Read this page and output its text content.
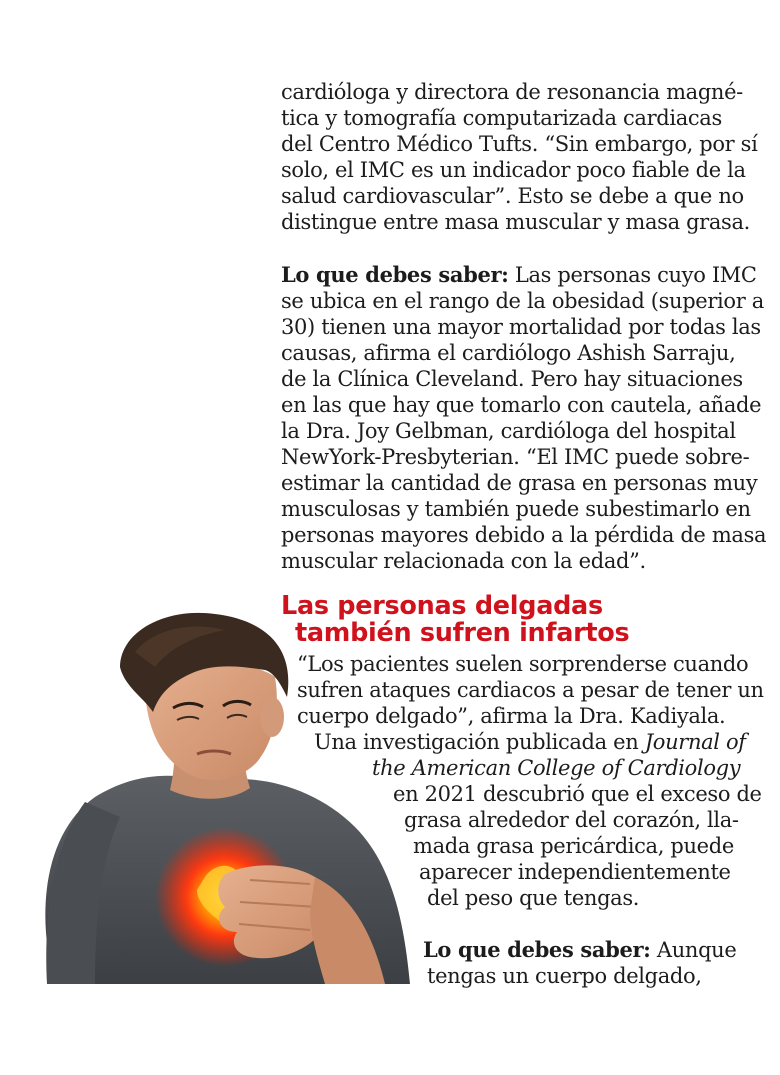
cardióloga y directora de resonancia magné-
tica y tomografía computarizada cardiacas
del Centro Médico Tufts. “Sin embargo, por sí
solo, el IMC es un indicador poco fiable de la
salud cardiovascular”. Esto se debe a que no
distingue entre masa muscular y masa grasa.
Lo que debes saber: Las personas cuyo IMC
se ubica en el rango de la obesidad (superior a
30) tienen una mayor mortalidad por todas las
causas, afirma el cardiólogo Ashish Sarraju,
de la Clínica Cleveland. Pero hay situaciones
en las que hay que tomarlo con cautela, añade
la Dra. Joy Gelbman, cardióloga del hospital
NewYork-Presbyterian. “El IMC puede sobre-
estimar la cantidad de grasa en personas muy
musculosas y también puede subestimarlo en
personas mayores debido a la pérdida de masa
muscular relacionada con la edad”.
Las personas delgadas
también sufren infartos
“Los pacientes suelen sorprenderse cuando
sufren ataques cardiacos a pesar de tener un
cuerpo delgado”, afirma la Dra. Kadiyala.
Una investigación publicada en Journal of
the American College of Cardiology
en 2021 descubrió que el exceso de
grasa alrededor del corazón, lla-
mada grasa pericárdica, puede
aparecer independientemente
del peso que tengas.
Lo que debes saber: Aunque
tengas un cuerpo delgado,
